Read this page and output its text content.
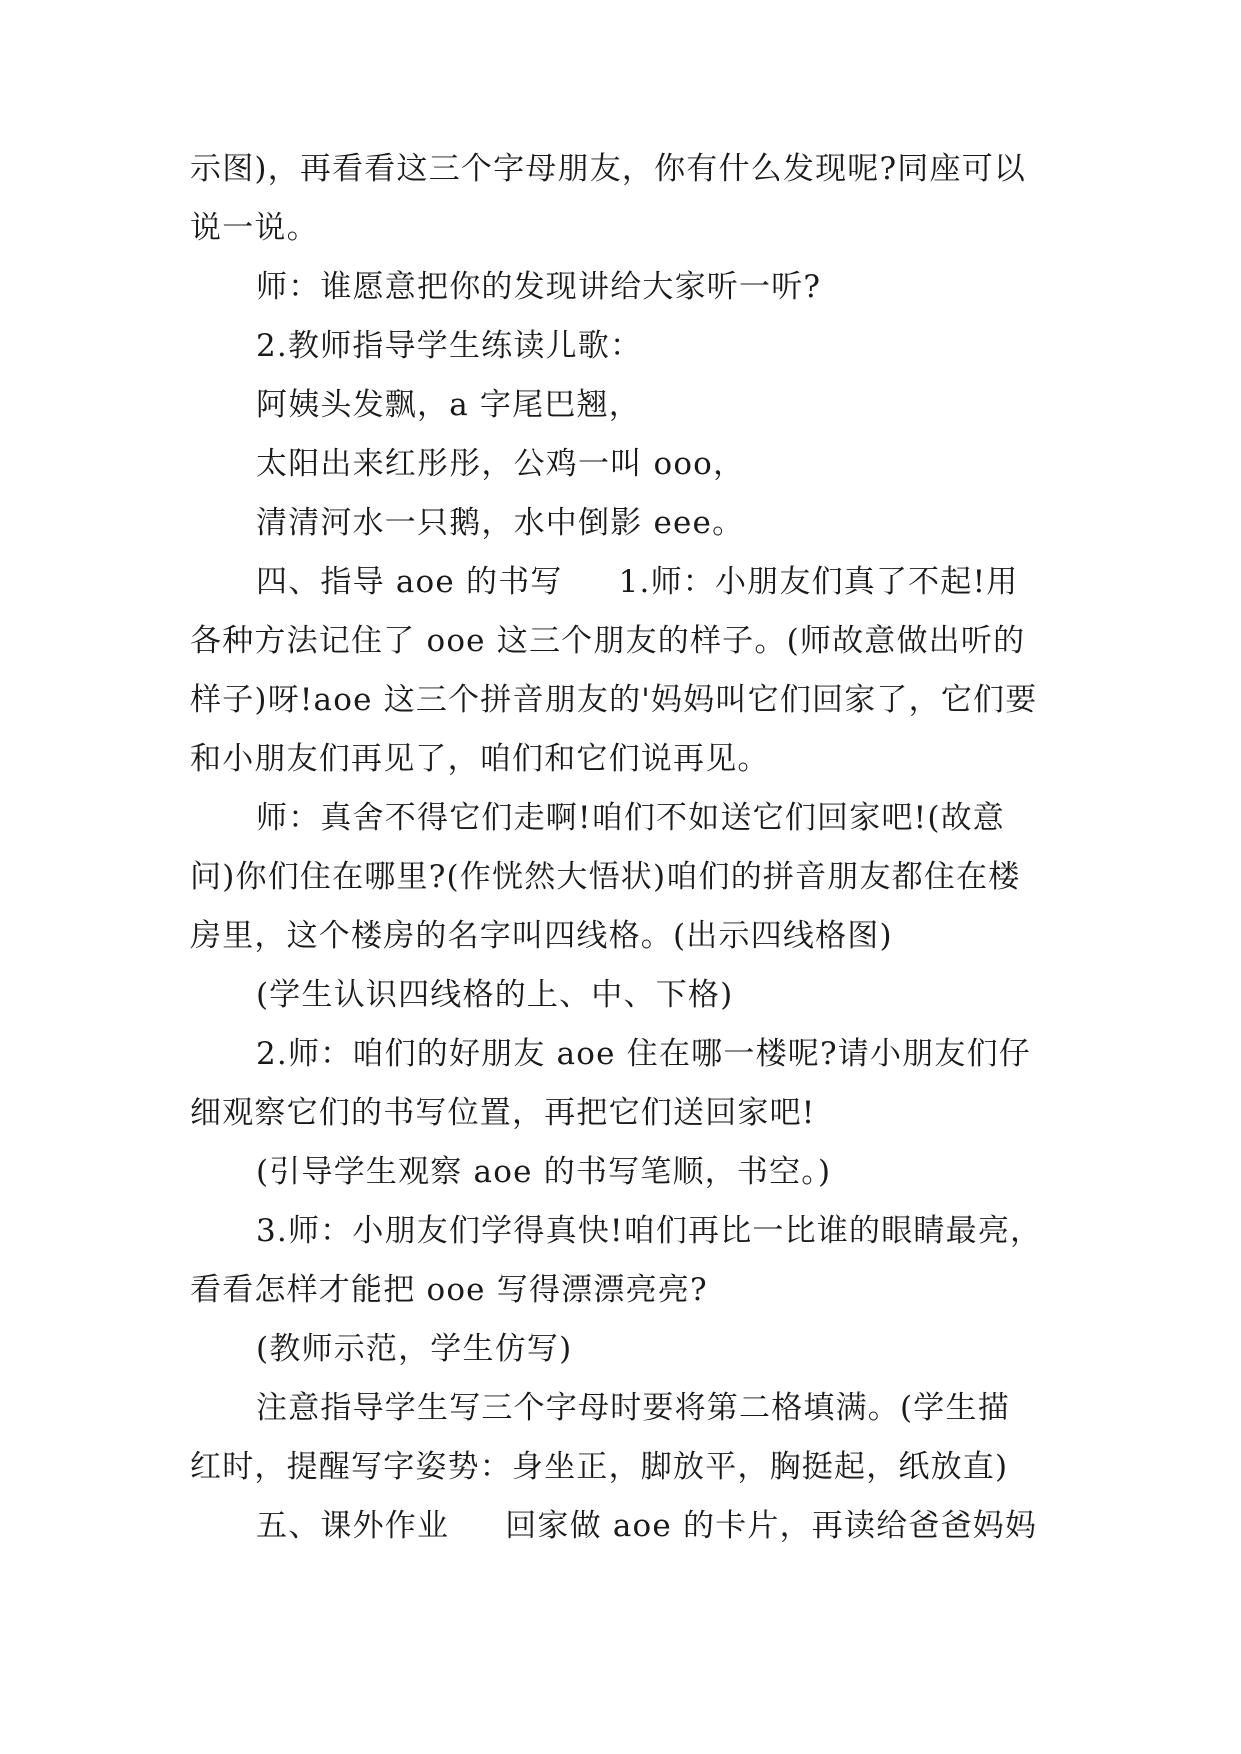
示图)，再看看这三个字母朋友，你有什么发现呢?同座可以
说一说。
师：谁愿意把你的发现讲给大家听一听?
2.教师指导学生练读儿歌：
阿姨头发飘，a 字尾巴翘，
太阳出来红彤彤，公鸡一叫 ooo，
清清河水一只鹅，水中倒影 eee。
四、指导 aoe 的书写 1.师：小朋友们真了不起!用
各种方法记住了 ooe 这三个朋友的样子。(师故意做出听的
样子)呀!aoe 这三个拼音朋友的'妈妈叫它们回家了，它们要
和小朋友们再见了，咱们和它们说再见。
师：真舍不得它们走啊!咱们不如送它们回家吧!(故意
问)你们住在哪里?(作恍然大悟状)咱们的拼音朋友都住在楼
房里，这个楼房的名字叫四线格。(出示四线格图)
(学生认识四线格的上、中、下格)
2.师：咱们的好朋友 aoe 住在哪一楼呢?请小朋友们仔
细观察它们的书写位置，再把它们送回家吧!
(引导学生观察 aoe 的书写笔顺，书空。)
3.师：小朋友们学得真快!咱们再比一比谁的眼睛最亮，
看看怎样才能把 ooe 写得漂漂亮亮?
(教师示范，学生仿写)
注意指导学生写三个字母时要将第二格填满。(学生描
红时，提醒写字姿势：身坐正，脚放平，胸挺起，纸放直)
五、课外作业 回家做 aoe 的卡片，再读给爸爸妈妈
